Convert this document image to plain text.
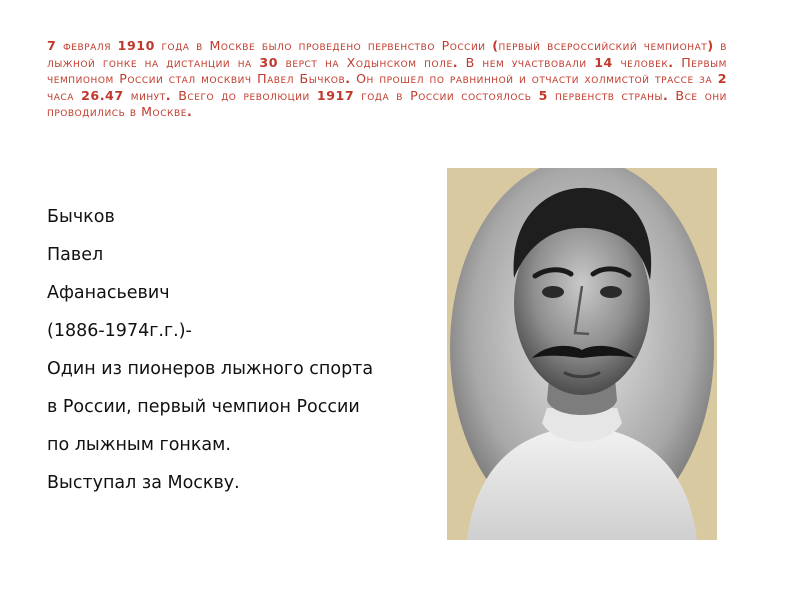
7 февраля 1910 года в Москве было проведено первенство России (первый всероссийский чемпионат) в лыжной гонке на дистанции на 30 верст на Ходынском поле. В нем участвовали 14 человек. Первым чемпионом России стал москвич Павел Бычков. Он прошел по равнинной и отчасти холмистой трассе за 2 часа 26.47 минут. Всего до революции 1917 года в России состоялось 5 первенств страны. Все они проводились в Москве.

Бычков
Павел
Афанасьевич
(1886-1974г.г.)-
Один из пионеров лыжного спорта
в России, первый чемпион России
по лыжным гонкам.
Выступал за Москву.
